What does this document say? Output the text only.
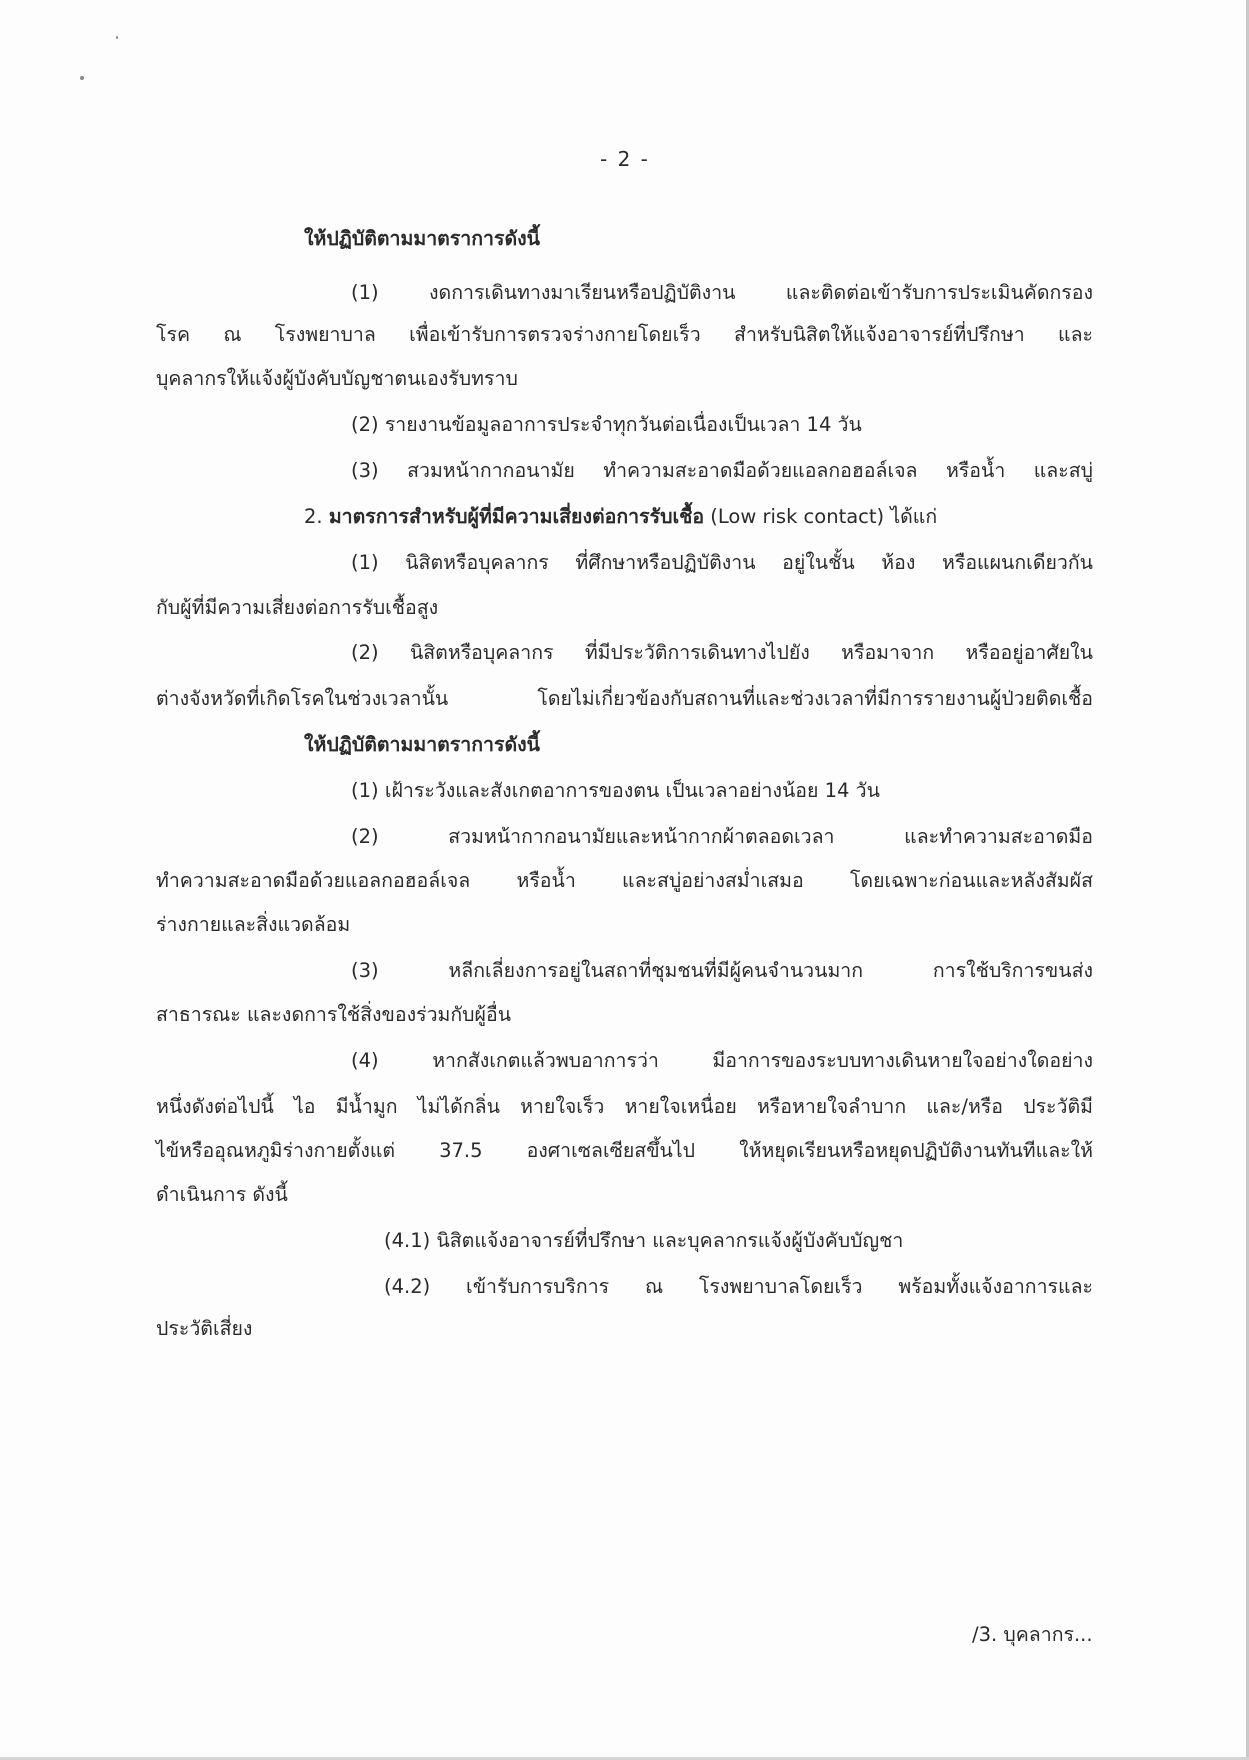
- 2 -
ให้ปฏิบัติตามมาตราการดังนี้
(1) งดการเดินทางมาเรียนหรือปฏิบัติงาน และติดต่อเข้ารับการประเมินคัดกรอง
โรค ณ โรงพยาบาล เพื่อเข้ารับการตรวจร่างกายโดยเร็ว สำหรับนิสิตให้แจ้งอาจารย์ที่ปรึกษา และ
บุคลากรให้แจ้งผู้บังคับบัญชาตนเองรับทราบ
(2) รายงานข้อมูลอาการประจำทุกวันต่อเนื่องเป็นเวลา 14 วัน
(3) สวมหน้ากากอนามัย ทำความสะอาดมือด้วยแอลกอฮอล์เจล หรือน้ำ และสบู่
2. มาตรการสำหรับผู้ที่มีความเสี่ยงต่อการรับเชื้อ (Low risk contact) ได้แก่
(1) นิสิตหรือบุคลากร ที่ศึกษาหรือปฏิบัติงาน อยู่ในชั้น ห้อง หรือแผนกเดียวกัน
กับผู้ที่มีความเสี่ยงต่อการรับเชื้อสูง
(2) นิสิตหรือบุคลากร ที่มีประวัติการเดินทางไปยัง หรือมาจาก หรืออยู่อาศัยใน
ต่างจังหวัดที่เกิดโรคในช่วงเวลานั้น โดยไม่เกี่ยวข้องกับสถานที่และช่วงเวลาที่มีการรายงานผู้ป่วยติดเชื้อ
ให้ปฏิบัติตามมาตราการดังนี้
(1) เฝ้าระวังและสังเกตอาการของตน เป็นเวลาอย่างน้อย 14 วัน
(2) สวมหน้ากากอนามัยและหน้ากากผ้าตลอดเวลา และทำความสะอาดมือ
ทำความสะอาดมือด้วยแอลกอฮอล์เจล หรือน้ำ และสบู่อย่างสม่ำเสมอ โดยเฉพาะก่อนและหลังสัมผัส
ร่างกายและสิ่งแวดล้อม
(3) หลีกเลี่ยงการอยู่ในสถาที่ชุมชนที่มีผู้คนจำนวนมาก การใช้บริการขนส่ง
สาธารณะ และงดการใช้สิ่งของร่วมกับผู้อื่น
(4) หากสังเกตแล้วพบอาการว่า มีอาการของระบบทางเดินหายใจอย่างใดอย่าง
หนึ่งดังต่อไปนี้ ไอ มีน้ำมูก ไม่ได้กลิ่น หายใจเร็ว หายใจเหนื่อย หรือหายใจลำบาก และ/หรือ ประวัติมี
ไข้หรืออุณหภูมิร่างกายตั้งแต่ 37.5 องศาเซลเซียสขึ้นไป ให้หยุดเรียนหรือหยุดปฏิบัติงานทันทีและให้
ดำเนินการ ดังนี้
(4.1) นิสิตแจ้งอาจารย์ที่ปรึกษา และบุคลากรแจ้งผู้บังคับบัญชา
(4.2) เข้ารับการบริการ ณ โรงพยาบาลโดยเร็ว พร้อมทั้งแจ้งอาการและ
ประวัติเสี่ยง
/3. บุคลากร...
